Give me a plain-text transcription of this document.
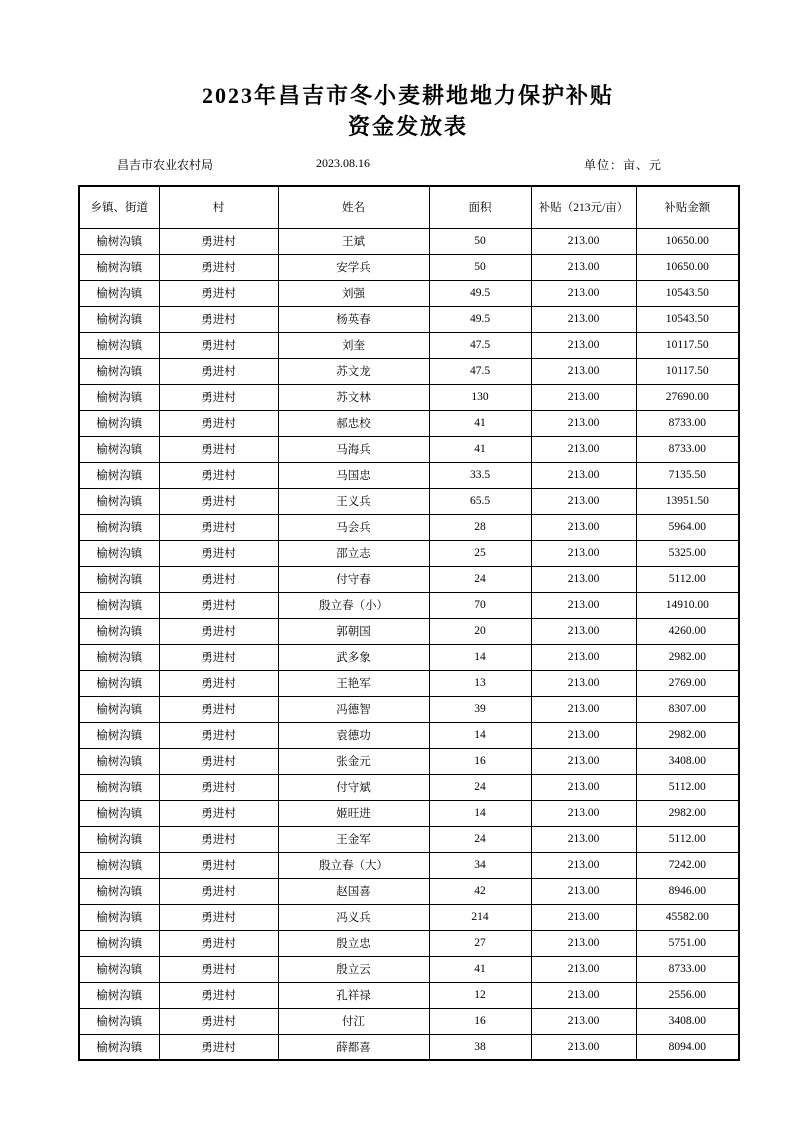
2023年昌吉市冬小麦耕地地力保护补贴
资金发放表
昌吉市农业农村局	2023.08.16	单位：亩、元
乡镇、街道	村	姓名	面积	补贴（213元/亩）	补贴金额
榆树沟镇	勇进村	王斌	50	213.00	10650.00
榆树沟镇	勇进村	安学兵	50	213.00	10650.00
榆树沟镇	勇进村	刘强	49.5	213.00	10543.50
榆树沟镇	勇进村	杨英春	49.5	213.00	10543.50
榆树沟镇	勇进村	刘奎	47.5	213.00	10117.50
榆树沟镇	勇进村	苏文龙	47.5	213.00	10117.50
榆树沟镇	勇进村	苏文林	130	213.00	27690.00
榆树沟镇	勇进村	郝忠校	41	213.00	8733.00
榆树沟镇	勇进村	马海兵	41	213.00	8733.00
榆树沟镇	勇进村	马国忠	33.5	213.00	7135.50
榆树沟镇	勇进村	王义兵	65.5	213.00	13951.50
榆树沟镇	勇进村	马会兵	28	213.00	5964.00
榆树沟镇	勇进村	邵立志	25	213.00	5325.00
榆树沟镇	勇进村	付守春	24	213.00	5112.00
榆树沟镇	勇进村	殷立春（小）	70	213.00	14910.00
榆树沟镇	勇进村	郭朝国	20	213.00	4260.00
榆树沟镇	勇进村	武多象	14	213.00	2982.00
榆树沟镇	勇进村	王艳军	13	213.00	2769.00
榆树沟镇	勇进村	冯德智	39	213.00	8307.00
榆树沟镇	勇进村	袁德功	14	213.00	2982.00
榆树沟镇	勇进村	张金元	16	213.00	3408.00
榆树沟镇	勇进村	付守斌	24	213.00	5112.00
榆树沟镇	勇进村	姬旺进	14	213.00	2982.00
榆树沟镇	勇进村	王金军	24	213.00	5112.00
榆树沟镇	勇进村	殷立春（大）	34	213.00	7242.00
榆树沟镇	勇进村	赵国喜	42	213.00	8946.00
榆树沟镇	勇进村	冯义兵	214	213.00	45582.00
榆树沟镇	勇进村	殷立忠	27	213.00	5751.00
榆树沟镇	勇进村	殷立云	41	213.00	8733.00
榆树沟镇	勇进村	孔祥禄	12	213.00	2556.00
榆树沟镇	勇进村	付江	16	213.00	3408.00
榆树沟镇	勇进村	薛都喜	38	213.00	8094.00
